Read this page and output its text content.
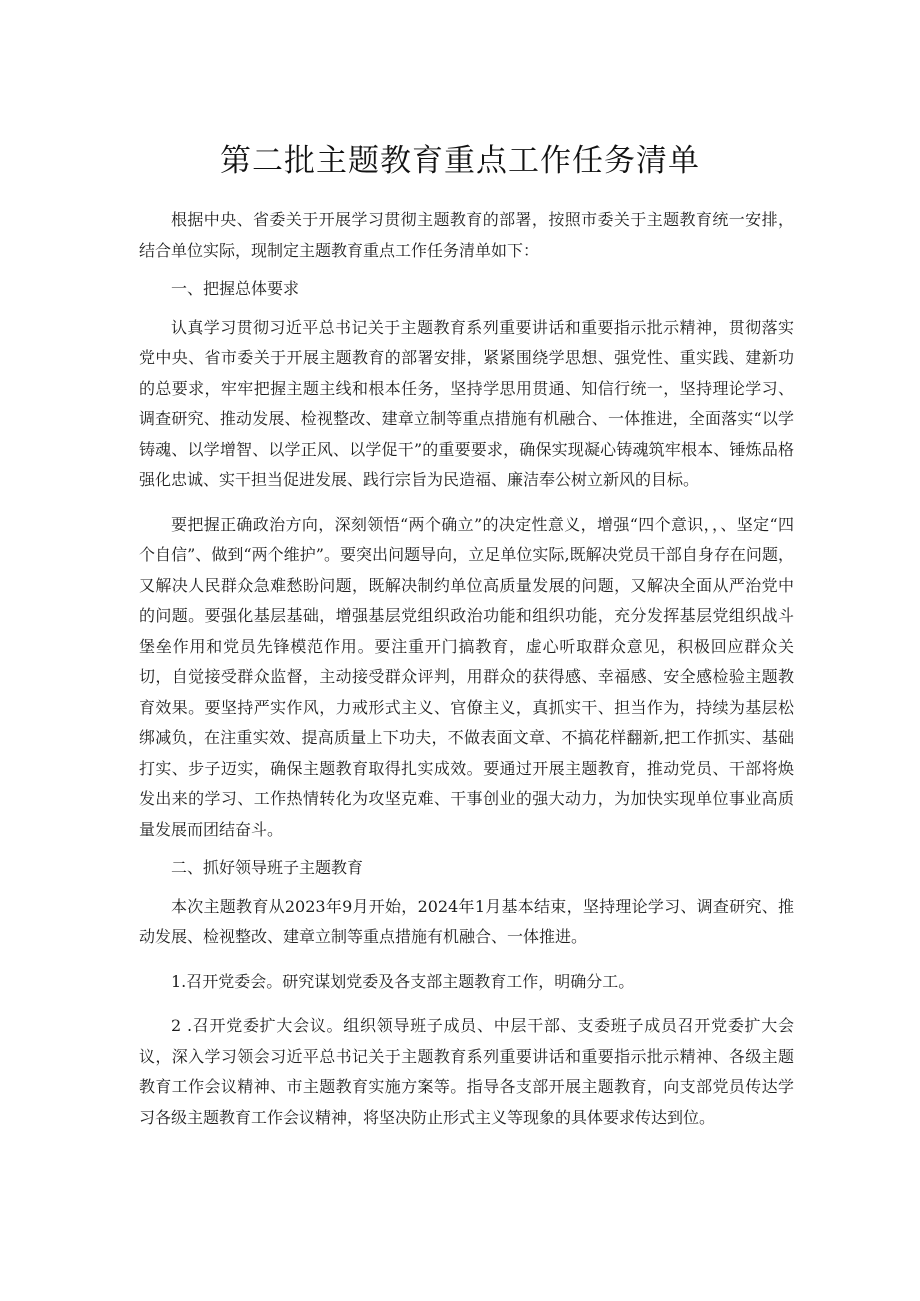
第二批主题教育重点工作任务清单

根据中央、省委关于开展学习贯彻主题教育的部署，按照市委关于主题教育统一安排，结合单位实际，现制定主题教育重点工作任务清单如下：

一、把握总体要求

认真学习贯彻习近平总书记关于主题教育系列重要讲话和重要指示批示精神，贯彻落实党中央、省市委关于开展主题教育的部署安排，紧紧围绕学思想、强党性、重实践、建新功的总要求，牢牢把握主题主线和根本任务，坚持学思用贯通、知信行统一，坚持理论学习、调查研究、推动发展、检视整改、建章立制等重点措施有机融合、一体推进，全面落实“以学铸魂、以学增智、以学正风、以学促干”的重要要求，确保实现凝心铸魂筑牢根本、锤炼品格强化忠诚、实干担当促进发展、践行宗旨为民造福、廉洁奉公树立新风的目标。

要把握正确政治方向，深刻领悟“两个确立”的决定性意义，增强“四个意识，，、坚定“四个自信”、做到“两个维护”。要突出问题导向，立足单位实际,既解决党员干部自身存在问题，又解决人民群众急难愁盼问题，既解决制约单位高质量发展的问题，又解决全面从严治党中的问题。要强化基层基础，增强基层党组织政治功能和组织功能，充分发挥基层党组织战斗堡垒作用和党员先锋模范作用。要注重开门搞教育，虚心听取群众意见，积极回应群众关切，自觉接受群众监督，主动接受群众评判，用群众的获得感、幸福感、安全感检验主题教育效果。要坚持严实作风，力戒形式主义、官僚主义，真抓实干、担当作为，持续为基层松绑减负，在注重实效、提高质量上下功夫，不做表面文章、不搞花样翻新,把工作抓实、基础打实、步子迈实，确保主题教育取得扎实成效。要通过开展主题教育，推动党员、干部将焕发出来的学习、工作热情转化为攻坚克难、干事创业的强大动力，为加快实现单位事业高质量发展而团结奋斗。

二、抓好领导班子主题教育

本次主题教育从2023年9月开始，2024年1月基本结束，坚持理论学习、调查研究、推动发展、检视整改、建章立制等重点措施有机融合、一体推进。

1.召开党委会。研究谋划党委及各支部主题教育工作，明确分工。

2 .召开党委扩大会议。组织领导班子成员、中层干部、支委班子成员召开党委扩大会议，深入学习领会习近平总书记关于主题教育系列重要讲话和重要指示批示精神、各级主题教育工作会议精神、市主题教育实施方案等。指导各支部开展主题教育，向支部党员传达学习各级主题教育工作会议精神，将坚决防止形式主义等现象的具体要求传达到位。
